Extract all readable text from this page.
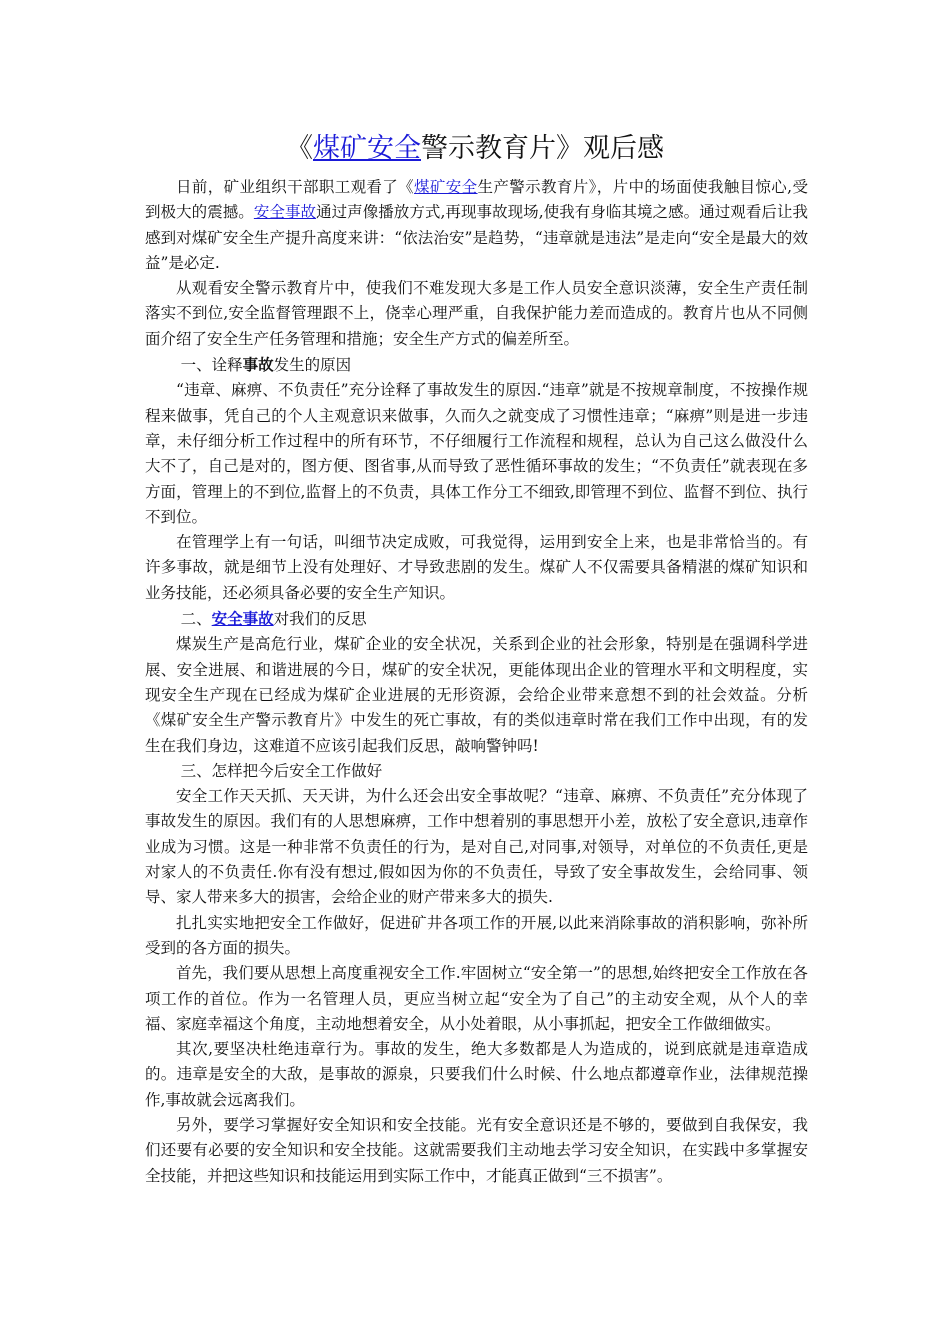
《煤矿安全警示教育片》观后感

日前，矿业组织干部职工观看了《煤矿安全生产警示教育片》，片中的场面使我触目惊心,受到极大的震撼。安全事故通过声像播放方式,再现事故现场,使我有身临其境之感。通过观看后让我感到对煤矿安全生产提升高度来讲：“依法治安”是趋势，“违章就是违法”是走向“安全是最大的效益”是必定.

从观看安全警示教育片中，使我们不难发现大多是工作人员安全意识淡薄，安全生产责任制落实不到位,安全监督管理跟不上，侥幸心理严重，自我保护能力差而造成的。教育片也从不同侧面介绍了安全生产任务管理和措施；安全生产方式的偏差所至。

一、诠释事故发生的原因

“违章、麻痹、不负责任”充分诠释了事故发生的原因.“违章”就是不按规章制度，不按操作规程来做事，凭自己的个人主观意识来做事，久而久之就变成了习惯性违章；“麻痹”则是进一步违章，未仔细分析工作过程中的所有环节，不仔细履行工作流程和规程，总认为自己这么做没什么大不了，自己是对的，图方便、图省事,从而导致了恶性循环事故的发生；“不负责任”就表现在多方面，管理上的不到位,监督上的不负责，具体工作分工不细致,即管理不到位、监督不到位、执行不到位。

在管理学上有一句话，叫细节决定成败，可我觉得，运用到安全上来，也是非常恰当的。有许多事故，就是细节上没有处理好、才导致悲剧的发生。煤矿人不仅需要具备精湛的煤矿知识和业务技能，还必须具备必要的安全生产知识。

二、安全事故对我们的反思

煤炭生产是高危行业，煤矿企业的安全状况，关系到企业的社会形象，特别是在强调科学进展、安全进展、和谐进展的今日，煤矿的安全状况，更能体现出企业的管理水平和文明程度，实现安全生产现在已经成为煤矿企业进展的无形资源，会给企业带来意想不到的社会效益。分析《煤矿安全生产警示教育片》中发生的死亡事故，有的类似违章时常在我们工作中出现，有的发生在我们身边，这难道不应该引起我们反思，敲响警钟吗!

三、怎样把今后安全工作做好

安全工作天天抓、天天讲，为什么还会出安全事故呢？“违章、麻痹、不负责任”充分体现了事故发生的原因。我们有的人思想麻痹，工作中想着别的事思想开小差，放松了安全意识,违章作业成为习惯。这是一种非常不负责任的行为，是对自己,对同事,对领导，对单位的不负责任,更是对家人的不负责任.你有没有想过,假如因为你的不负责任，导致了安全事故发生，会给同事、领导、家人带来多大的损害，会给企业的财产带来多大的损失.

扎扎实实地把安全工作做好，促进矿井各项工作的开展,以此来消除事故的消积影响，弥补所受到的各方面的损失。

首先，我们要从思想上高度重视安全工作.牢固树立“安全第一”的思想,始终把安全工作放在各项工作的首位。作为一名管理人员，更应当树立起“安全为了自己”的主动安全观，从个人的幸福、家庭幸福这个角度，主动地想着安全，从小处着眼，从小事抓起，把安全工作做细做实。

其次,要坚决杜绝违章行为。事故的发生，绝大多数都是人为造成的，说到底就是违章造成的。违章是安全的大敌，是事故的源泉，只要我们什么时候、什么地点都遵章作业，法律规范操作,事故就会远离我们。

另外，要学习掌握好安全知识和安全技能。光有安全意识还是不够的，要做到自我保安，我们还要有必要的安全知识和安全技能。这就需要我们主动地去学习安全知识，在实践中多掌握安全技能，并把这些知识和技能运用到实际工作中，才能真正做到“三不损害”。
